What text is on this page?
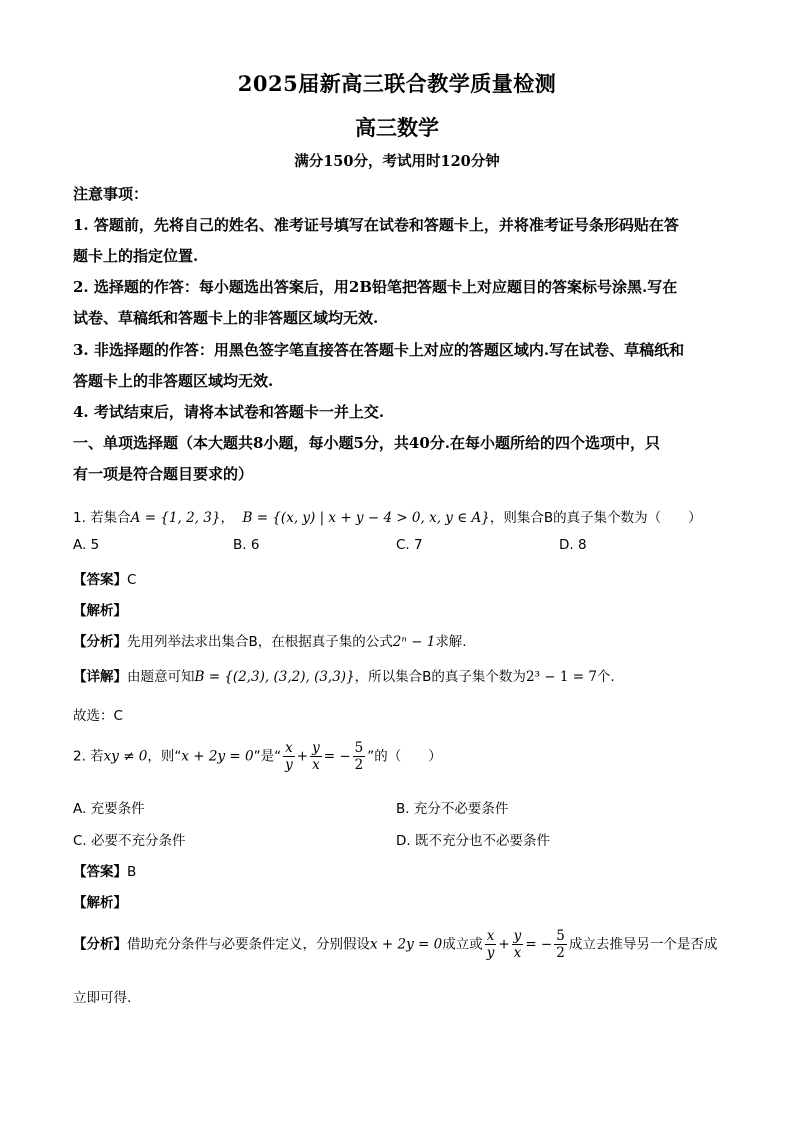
2025届新高三联合教学质量检测
高三数学
满分150分，考试用时120分钟
注意事项：
1. 答题前，先将自己的姓名、准考证号填写在试卷和答题卡上，并将准考证号条形码贴在答
题卡上的指定位置.
2. 选择题的作答：每小题选出答案后，用2B铅笔把答题卡上对应题目的答案标号涂黑.写在
试卷、草稿纸和答题卡上的非答题区域均无效.
3. 非选择题的作答：用黑色签字笔直接答在答题卡上对应的答题区域内.写在试卷、草稿纸和
答题卡上的非答题区域均无效.
4. 考试结束后，请将本试卷和答题卡一并上交.
一、单项选择题（本大题共8小题，每小题5分，共40分.在每小题所给的四个选项中，只
有一项是符合题目要求的）
1. 若集合A = {1, 2, 3}， B = {(x, y) | x + y − 4 > 0, x, y ∈ A}，则集合B的真子集个数为（　　）
A. 5	B. 6	C. 7	D. 8
【答案】C
【解析】
【分析】先用列举法求出集合B，在根据真子集的公式2ⁿ − 1求解.
【详解】由题意可知B = {(2,3), (3,2), (3,3)}，所以集合B的真子集个数为2³ − 1 = 7个.
故选：C
2. 若xy ≠ 0，则“x + 2y = 0”是“ $\frac{x}{y} + \frac{y}{x}$ = − $\frac{5}{2}$ ”的（　　）
A. 充要条件	B. 充分不必要条件
C. 必要不充分条件	D. 既不充分也不必要条件
【答案】B
【解析】
【分析】借助充分条件与必要条件定义，分别假设x + 2y = 0成立或 $\frac{x}{y} + \frac{y}{x}$ = − $\frac{5}{2}$ 成立去推导另一个是否成
立即可得.
